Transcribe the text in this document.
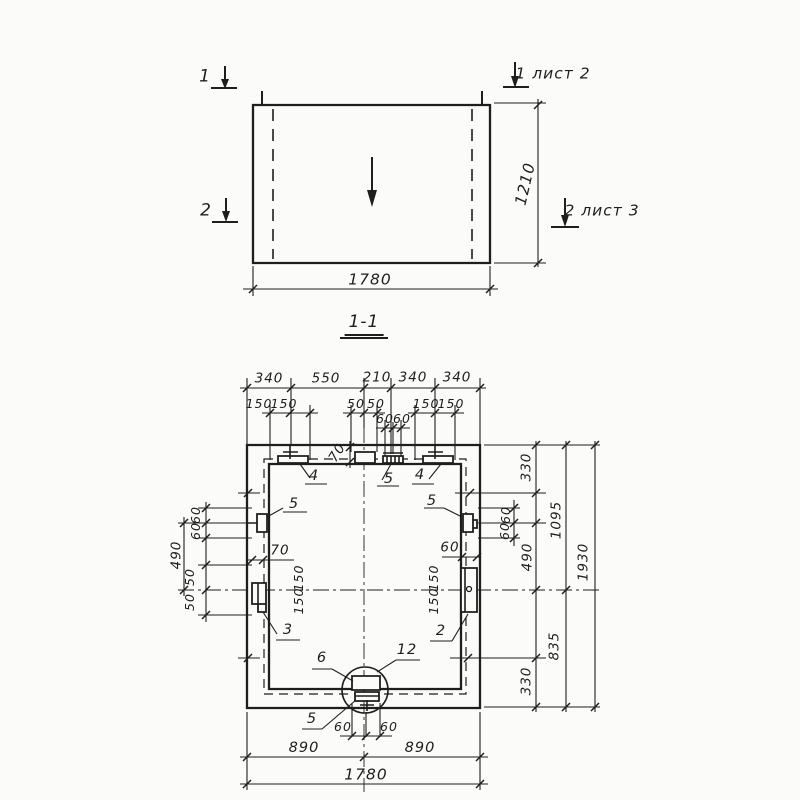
1
2
1 лист 2
2 лист 3
1780
1210
1-1
340 550 210 340 340
150
150	50 50
60 60
150
150
70
4	5 4
5
3
5
2
6	12
5
60
60
490
50
50
70
150
150
60
150
150
330
60
60
490
1095
835
330
1930
60 60
890	890
1780
